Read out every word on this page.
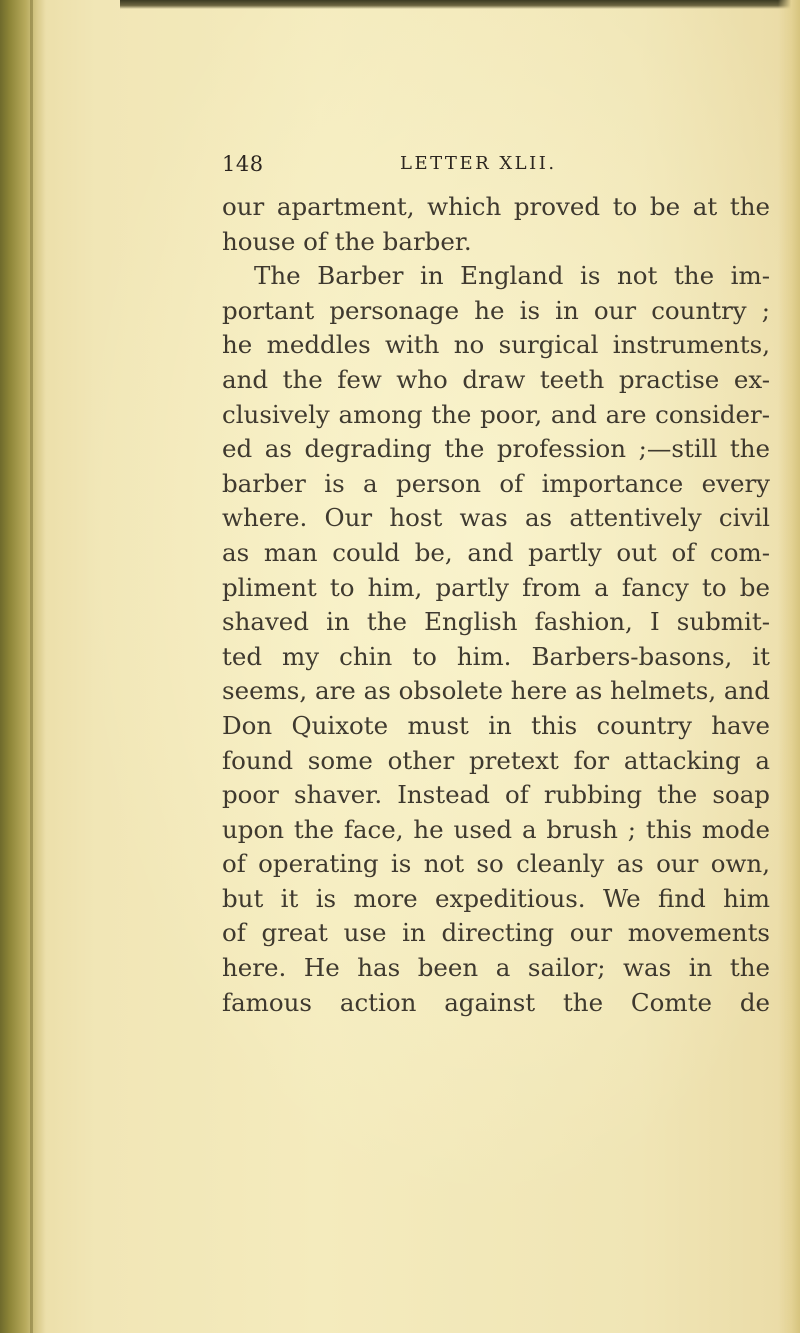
148	LETTER XLII.
our apartment, which proved to be at the
house of the barber.
The Barber in England is not the im-
portant personage he is in our country ;
he meddles with no surgical instruments,
and the few who draw teeth practise ex-
clusively among the poor, and are consider-
ed as degrading the profession ;—still the
barber is a person of importance every
where. Our host was as attentively civil
as man could be, and partly out of com-
pliment to him, partly from a fancy to be
shaved in the English fashion, I submit-
ted my chin to him. Barbers-basons, it
seems, are as obsolete here as helmets, and
Don Quixote must in this country have
found some other pretext for attacking a
poor shaver. Instead of rubbing the soap
upon the face, he used a brush ; this mode
of operating is not so cleanly as our own,
but it is more expeditious. We find him
of great use in directing our movements
here. He has been a sailor; was in the
famous action against the Comte de
